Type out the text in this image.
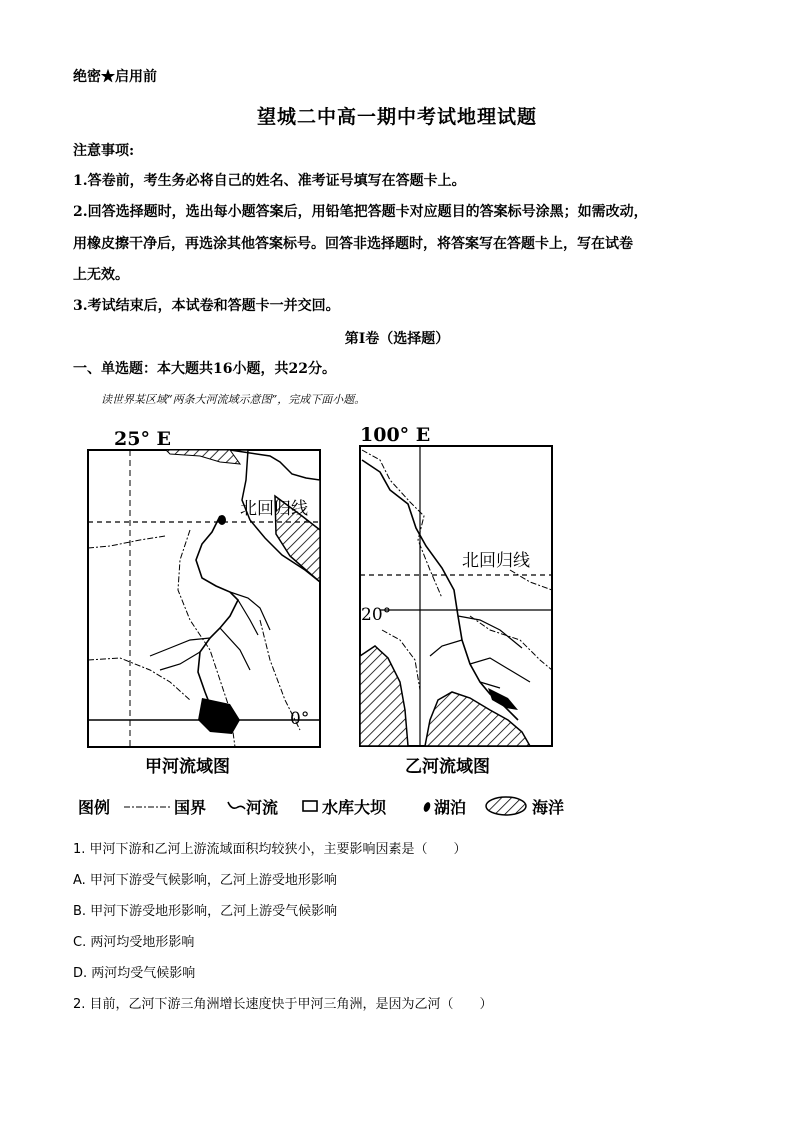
绝密★启用前
望城二中高一期中考试地理试题
注意事项:
1.答卷前，考生务必将自己的姓名、准考证号填写在答题卡上。
2.回答选择题时，选出每小题答案后，用铅笔把答题卡对应题目的答案标号涂黑；如需改动，
用橡皮擦干净后，再选涂其他答案标号。回答非选择题时，将答案写在答题卡上，写在试卷
上无效。
3.考试结束后，本试卷和答题卡一并交回。
第Ⅰ卷（选择题）
一、单选题：本大题共16小题，共22分。
读世界某区域“两条大河流域示意图”，完成下面小题。
25° E
北回归线
0°
甲河流域图
100° E
北回归线
20°
乙河流域图
图例	国界 河流	水库大坝	湖泊	海洋
1. 甲河下游和乙河上游流域面积均较狭小，主要影响因素是（　　）
A. 甲河下游受气候影响，乙河上游受地形影响
B. 甲河下游受地形影响，乙河上游受气候影响
C. 两河均受地形影响
D. 两河均受气候影响
2. 目前，乙河下游三角洲增长速度快于甲河三角洲，是因为乙河（　　）
